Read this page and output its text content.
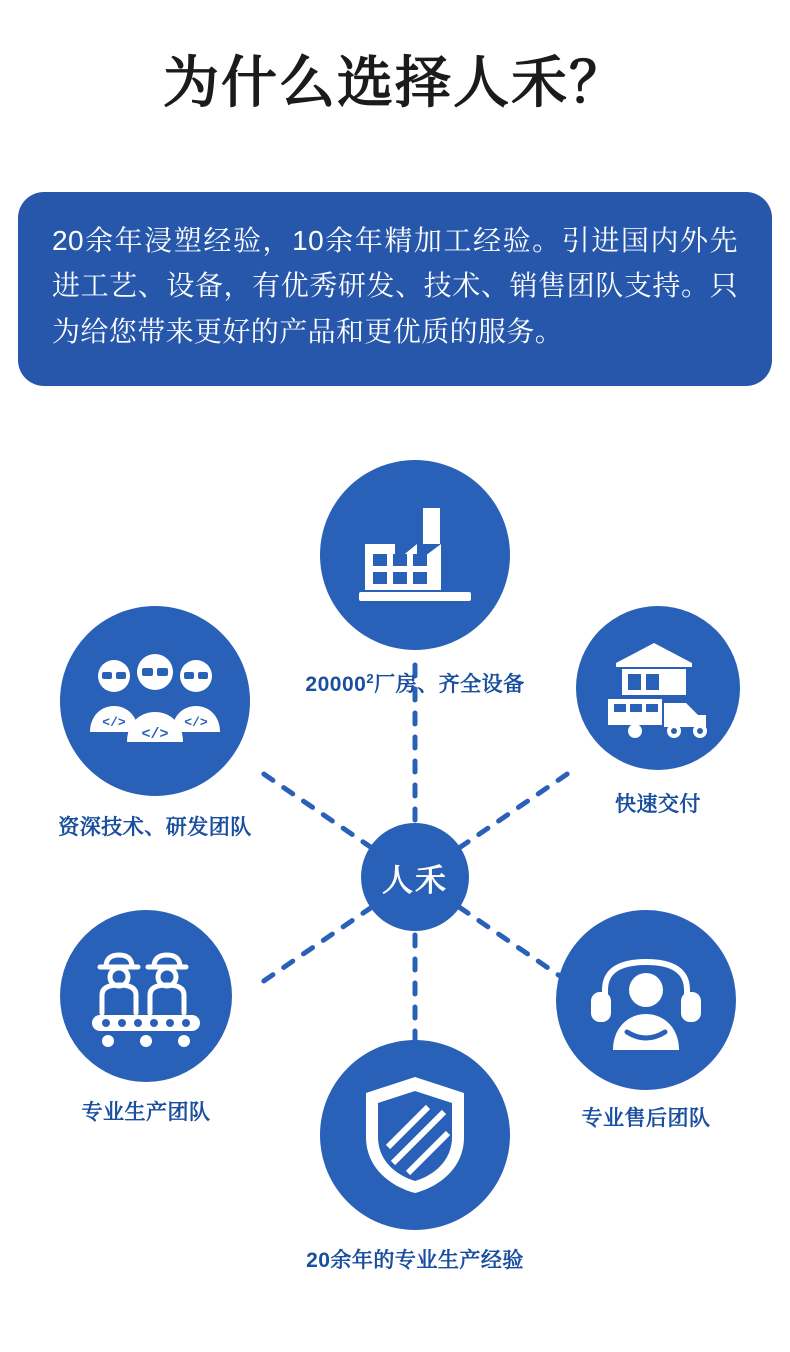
为什么选择人禾？
20余年浸塑经验，10余年精加工经验。引进国内外先进工艺、设备，有优秀研发、技术、销售团队支持。只为给您带来更好的产品和更优质的服务。
人禾
20000$^2$厂房、齐全设备
</>	</>
</>
资深技术、研发团队
快速交付
专业生产团队	专业售后团队
20余年的专业生产经验
